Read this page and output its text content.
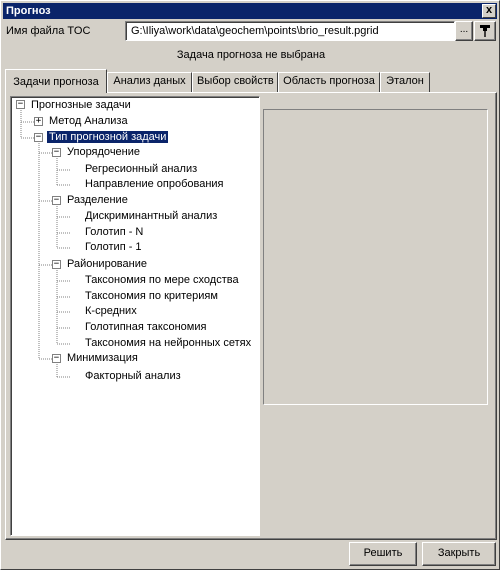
Прогноз	x
Имя файла TOC	G:\Iliya\work\data\geochem\points\brio_result.pgrid	...
Задача прогноза не выбрана
Задачи прогноза	Анализ даных	Выбор свойств Область прогноза	Эталон
− Прогнозные задачи
+ Метод Анализа
− Тип прогнозной задачи
− Упорядочение
Регресионный анализ
Направление опробования
− Разделение
Дискриминантный анализ
Голотип - N
Голотип - 1
− Районирование
Таксономия по мере сходства
Таксономия по критериям
К-средних
Голотипная таксономия
Таксономия на нейронных сетях
− Минимизация
Факторный анализ
Решить	Закрыть
